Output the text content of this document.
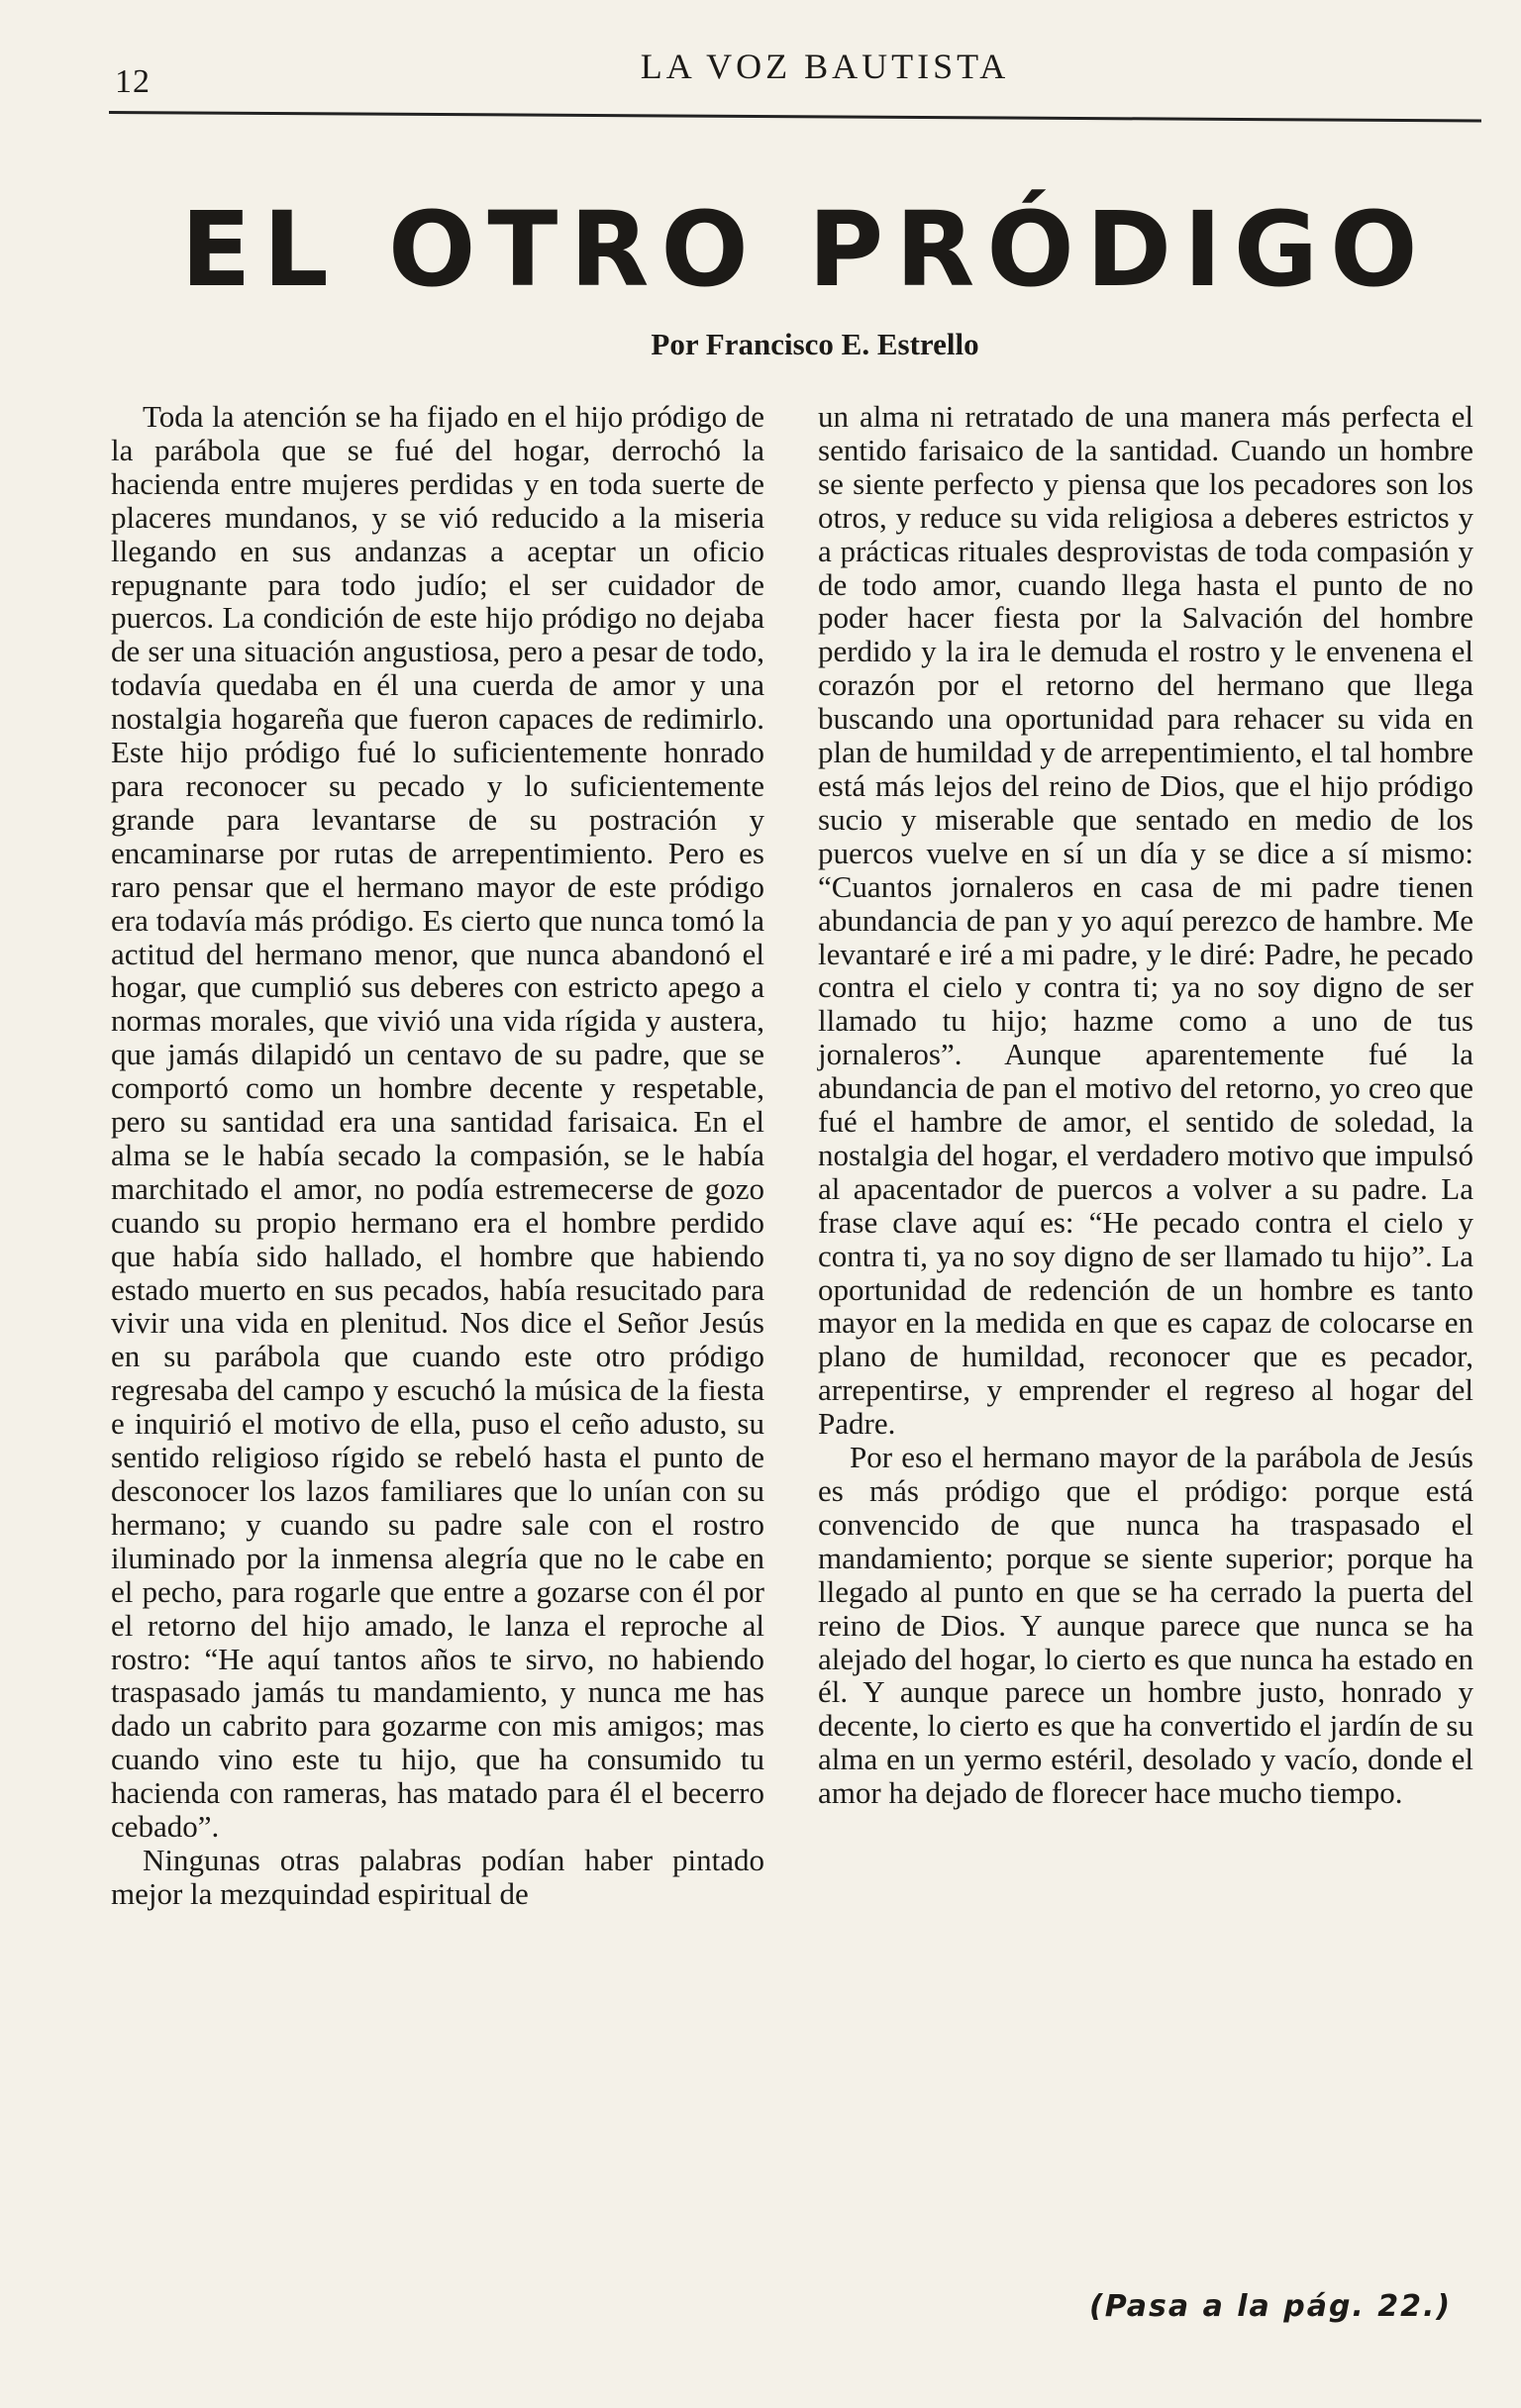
12	LA VOZ BAUTISTA
EL OTRO PRÓDIGO
Por Francisco E. Estrello

Toda la atención se ha fijado en el hijo pródigo de la parábola que se fué del hogar, derrochó la hacienda entre mujeres perdidas y en toda suerte de placeres mundanos, y se vió reducido a la miseria llegando en sus andanzas a aceptar un oficio repugnante para todo judío; el ser cuidador de puercos. La condición de este hijo pródigo no dejaba de ser una situación angustiosa, pero a pesar de todo, todavía quedaba en él una cuerda de amor y una nostalgia hogareña que fueron capaces de redimirlo. Este hijo pródigo fué lo suficientemente honrado para reconocer su pecado y lo suficientemente grande para levantarse de su postración y encaminarse por rutas de arrepentimiento. Pero es raro pensar que el hermano mayor de este pródigo era todavía más pródigo. Es cierto que nunca tomó la actitud del hermano menor, que nunca abandonó el hogar, que cumplió sus deberes con estricto apego a normas morales, que vivió una vida rígida y austera, que jamás dilapidó un centavo de su padre, que se comportó como un hombre decente y respetable, pero su santidad era una santidad farisaica. En el alma se le había secado la compasión, se le había marchitado el amor, no podía estremecerse de gozo cuando su propio hermano era el hombre perdido que había sido hallado, el hombre que habiendo estado muerto en sus pecados, había resucitado para vivir una vida en plenitud. Nos dice el Señor Jesús en su parábola que cuando este otro pródigo regresaba del campo y escuchó la música de la fiesta e inquirió el motivo de ella, puso el ceño adusto, su sentido religioso rígido se rebeló hasta el punto de desconocer los lazos familiares que lo unían con su hermano; y cuando su padre sale con el rostro iluminado por la inmensa alegría que no le cabe en el pecho, para rogarle que entre a gozarse con él por el retorno del hijo amado, le lanza el reproche al rostro: “He aquí tantos años te sirvo, no habiendo traspasado jamás tu mandamiento, y nunca me has dado un cabrito para gozarme con mis amigos; mas cuando vino este tu hijo, que ha consumido tu hacienda con rameras, has matado para él el becerro cebado”.

Ningunas otras palabras podían haber pintado mejor la mezquindad espiritual de

un alma ni retratado de una manera más perfecta el sentido farisaico de la santidad. Cuando un hombre se siente perfecto y piensa que los pecadores son los otros, y reduce su vida religiosa a deberes estrictos y a prácticas rituales desprovistas de toda compasión y de todo amor, cuando llega hasta el punto de no poder hacer fiesta por la Salvación del hombre perdido y la ira le demuda el rostro y le envenena el corazón por el retorno del hermano que llega buscando una oportunidad para rehacer su vida en plan de humildad y de arrepentimiento, el tal hombre está más lejos del reino de Dios, que el hijo pródigo sucio y miserable que sentado en medio de los puercos vuelve en sí un día y se dice a sí mismo: “Cuantos jornaleros en casa de mi padre tienen abundancia de pan y yo aquí perezco de hambre. Me levantaré e iré a mi padre, y le diré: Padre, he pecado contra el cielo y contra ti; ya no soy digno de ser llamado tu hijo; hazme como a uno de tus jornaleros”. Aunque aparentemente fué la abundancia de pan el motivo del retorno, yo creo que fué el hambre de amor, el sentido de soledad, la nostalgia del hogar, el verdadero motivo que impulsó al apacentador de puercos a volver a su padre. La frase clave aquí es: “He pecado contra el cielo y contra ti, ya no soy digno de ser llamado tu hijo”. La oportunidad de redención de un hombre es tanto mayor en la medida en que es capaz de colocarse en plano de humildad, reconocer que es pecador, arrepentirse, y emprender el regreso al hogar del Padre.

Por eso el hermano mayor de la parábola de Jesús es más pródigo que el pródigo: porque está convencido de que nunca ha traspasado el mandamiento; porque se siente superior; porque ha llegado al punto en que se ha cerrado la puerta del reino de Dios. Y aunque parece que nunca se ha alejado del hogar, lo cierto es que nunca ha estado en él. Y aunque parece un hombre justo, honrado y decente, lo cierto es que ha convertido el jardín de su alma en un yermo estéril, desolado y vacío, donde el amor ha dejado de florecer hace mucho tiempo.

(Pasa a la pág. 22.)
